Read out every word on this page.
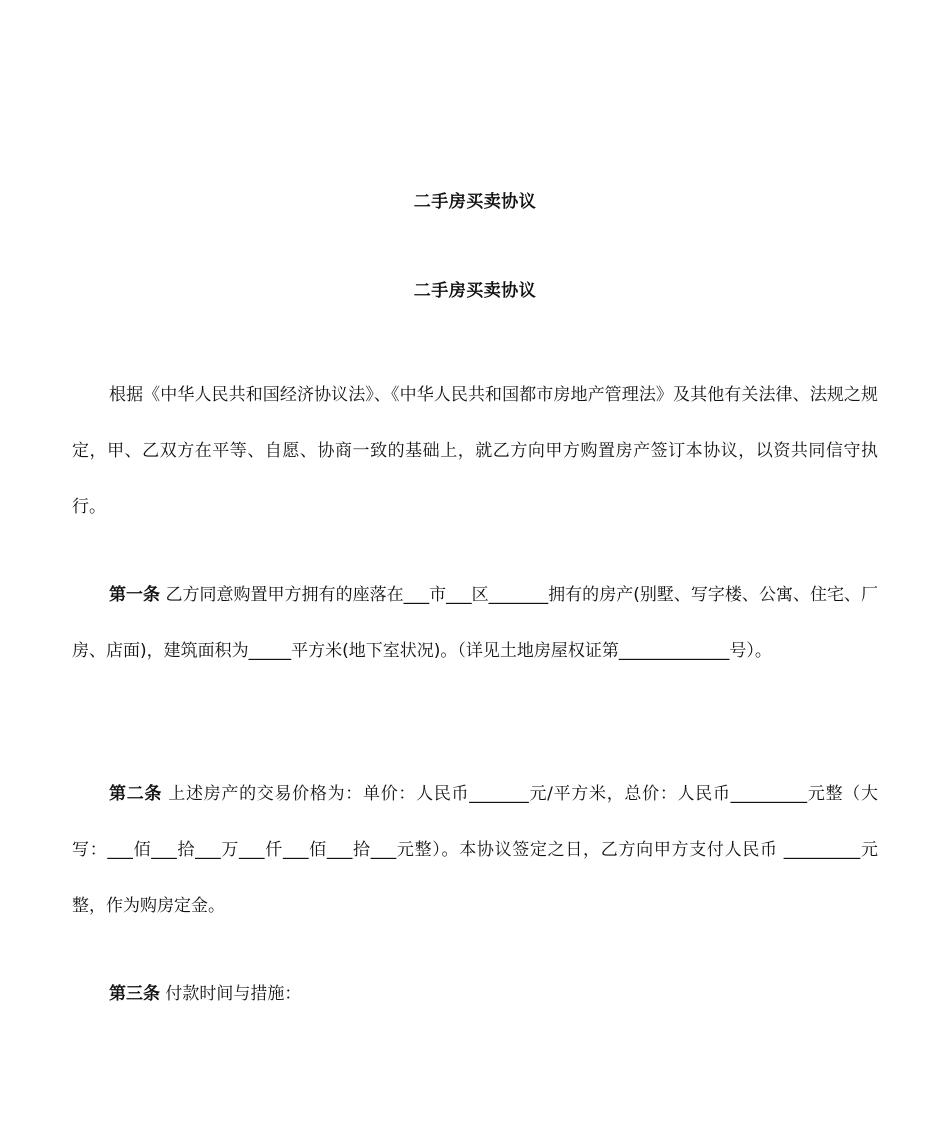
二手房买卖协议
二手房买卖协议

根据《中华人民共和国经济协议法》、《中华人民共和国都市房地产管理法》及其他有关法律、法规之规定，甲、乙双方在平等、自愿、协商一致的基础上，就乙方向甲方购置房产签订本协议，以资共同信守执行。

第一条 乙方同意购置甲方拥有的座落在___市___区_______拥有的房产(别墅、写字楼、公寓、住宅、厂房、店面)，建筑面积为_____平方米(地下室状况)。（详见土地房屋权证第_____________号）。

第二条 上述房产的交易价格为：单价：人民币_______元/平方米，总价：人民币_________元整（大写：___佰___拾___万___仟___佰___拾___元整）。本协议签定之日，乙方向甲方支付人民币 _________元整，作为购房定金。

第三条 付款时间与措施：
